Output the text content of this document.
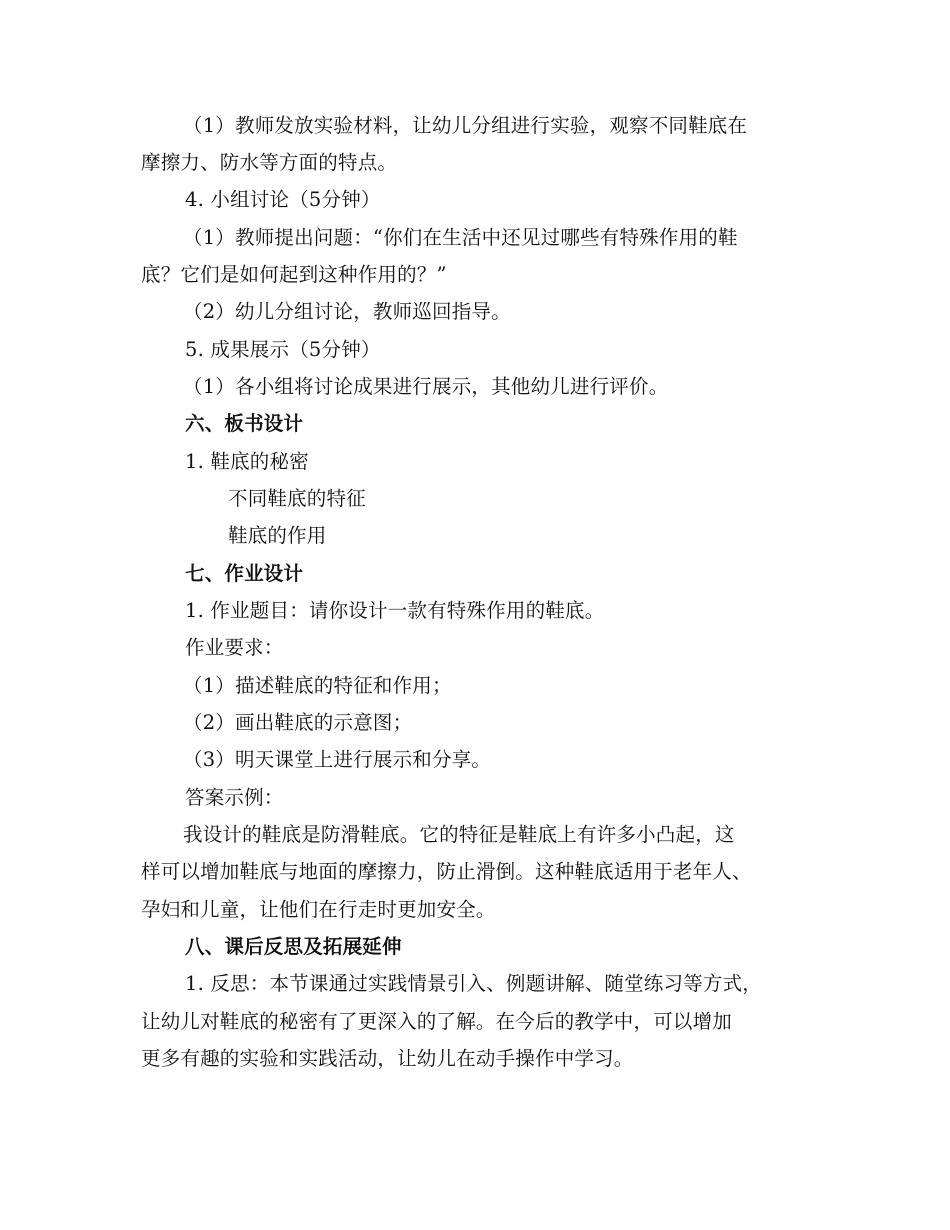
（1）教师发放实验材料，让幼儿分组进行实验，观察不同鞋底在
摩擦力、防水等方面的特点。
4. 小组讨论（5分钟）
（1）教师提出问题：“你们在生活中还见过哪些有特殊作用的鞋
底？它们是如何起到这种作用的？”
（2）幼儿分组讨论，教师巡回指导。
5. 成果展示（5分钟）
（1）各小组将讨论成果进行展示，其他幼儿进行评价。
六、板书设计
1. 鞋底的秘密
不同鞋底的特征
鞋底的作用
七、作业设计
1. 作业题目：请你设计一款有特殊作用的鞋底。
作业要求：
（1）描述鞋底的特征和作用；
（2）画出鞋底的示意图；
（3）明天课堂上进行展示和分享。
答案示例：
我设计的鞋底是防滑鞋底。它的特征是鞋底上有许多小凸起，这
样可以增加鞋底与地面的摩擦力，防止滑倒。这种鞋底适用于老年人、
孕妇和儿童，让他们在行走时更加安全。
八、课后反思及拓展延伸
1. 反思：本节课通过实践情景引入、例题讲解、随堂练习等方式，
让幼儿对鞋底的秘密有了更深入的了解。在今后的教学中，可以增加
更多有趣的实验和实践活动，让幼儿在动手操作中学习。
